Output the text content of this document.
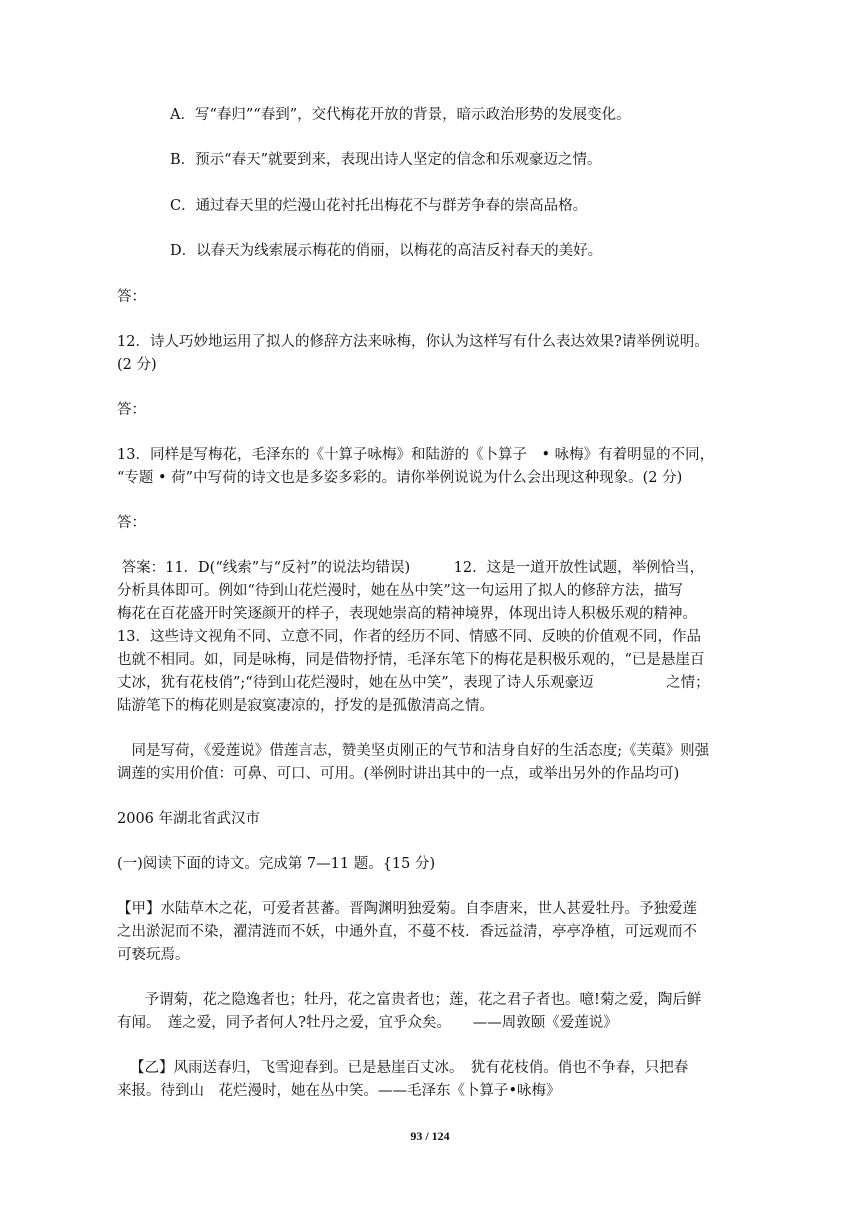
A．写“春归”“春到”，交代梅花开放的背景，暗示政治形势的发展变化。
B．预示“春天”就要到来，表现出诗人坚定的信念和乐观豪迈之情。
C．通过春天里的烂漫山花衬托出梅花不与群芳争春的崇高品格。
D．以春天为线索展示梅花的俏丽，以梅花的高洁反衬春天的美好。
答：
12．诗人巧妙地运用了拟人的修辞方法来咏梅，你认为这样写有什么表达效果?请举例说明。
(2 分)
答：
13．同样是写梅花，毛泽东的《十算子咏梅》和陆游的《卜算子　• 咏梅》有着明显的不同，
“专题 • 荷”中写荷的诗文也是多姿多彩的。请你举例说说为什么会出现这种现象。(2 分)
答：
答案：11．D(“线索”与“反衬”的说法均错误)　　　12．这是一道开放性试题，举例恰当，
分析具体即可。例如“待到山花烂漫时，她在丛中笑”这一句运用了拟人的修辞方法，描写
梅花在百花盛开时笑逐颜开的样子，表现她崇高的精神境界，体现出诗人积极乐观的精神。
13．这些诗文视角不同、立意不同，作者的经历不同、情感不同、反映的价值观不同，作品
也就不相同。如，同是咏梅，同是借物抒情，毛泽东笔下的梅花是积极乐观的，“已是悬崖百
丈冰，犹有花枝俏”;“待到山花烂漫时，她在丛中笑”，表现了诗人乐观豪迈　　　　　之情；
陆游笔下的梅花则是寂寞凄凉的，抒发的是孤傲清高之情。
　同是写荷，《爱莲说》借莲言志，赞美坚贞刚正的气节和洁身自好的生活态度;《芙蕖》则强
调莲的实用价值：可鼻、可口、可用。(举例时讲出其中的一点，或举出另外的作品均可)
2006 年湖北省武汉市
(一)阅读下面的诗文。完成第 7—11 题。{15 分)
【甲】水陆草木之花，可爱者甚蕃。晋陶渊明独爱菊。自李唐来，世人甚爱牡丹。予独爱莲
之出淤泥而不染，濯清涟而不妖，中通外直，不蔓不枝．香远益清，亭亭净植，可远观而不
可亵玩焉。
　予谓菊，花之隐逸者也；牡丹，花之富贵者也；莲，花之君子者也。噫!菊之爱，陶后鲜
有闻。　莲之爱，同予者何人?牡丹之爱，宜乎众矣。　　——周敦颐《爱莲说》
【乙】风雨送春归，飞雪迎春到。已是悬崖百丈冰。　犹有花枝俏。俏也不争春，只把春
来报。待到山　花烂漫时，她在丛中笑。——毛泽东《卜算子•咏梅》
93 / 124
